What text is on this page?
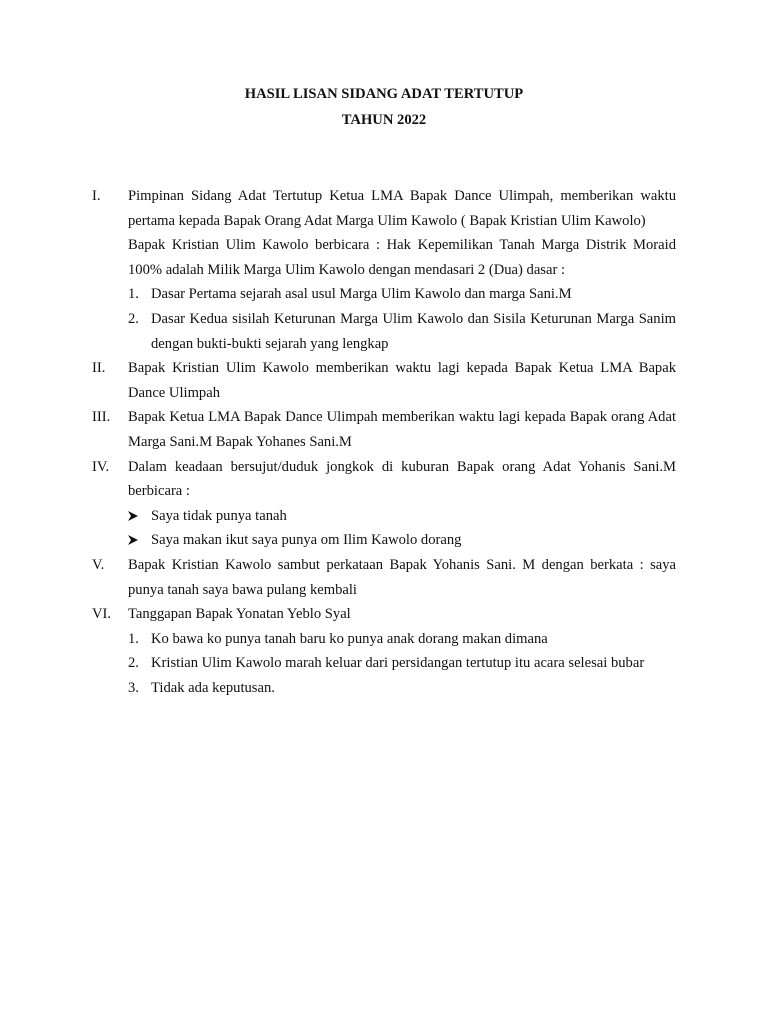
HASIL LISAN SIDANG ADAT TERTUTUP
TAHUN 2022
I. Pimpinan Sidang Adat Tertutup Ketua LMA Bapak Dance Ulimpah, memberikan waktu pertama kepada Bapak Orang Adat Marga Ulim Kawolo ( Bapak Kristian Ulim Kawolo)

Bapak Kristian Ulim Kawolo berbicara : Hak Kepemilikan Tanah Marga Distrik Moraid 100% adalah Milik Marga Ulim Kawolo dengan mendasari 2 (Dua) dasar :

1. Dasar Pertama sejarah asal usul Marga Ulim Kawolo dan marga Sani.M
2. Dasar Kedua sisilah Keturunan Marga Ulim Kawolo dan Sisila Keturunan Marga Sanim dengan bukti-bukti sejarah yang lengkap
II. Bapak Kristian Ulim Kawolo memberikan waktu lagi kepada Bapak Ketua LMA Bapak Dance Ulimpah

III. Bapak Ketua LMA Bapak Dance Ulimpah memberikan waktu lagi kepada Bapak orang Adat Marga Sani.M Bapak Yohanes Sani.M

IV. Dalam keadaan bersujut/duduk jongkok di kuburan Bapak orang Adat Yohanis Sani.M berbicara :

Saya tidak punya tanah
Saya makan ikut saya punya om Ilim Kawolo dorang
V. Bapak Kristian Kawolo sambut perkataan Bapak Yohanis Sani. M dengan berkata : saya punya tanah saya bawa pulang kembali

VI. Tanggapan Bapak Yonatan Yeblo Syal

1. Ko bawa ko punya tanah baru ko punya anak dorang makan dimana
2. Kristian Ulim Kawolo marah keluar dari persidangan tertutup itu acara selesai bubar
3. Tidak ada keputusan.
